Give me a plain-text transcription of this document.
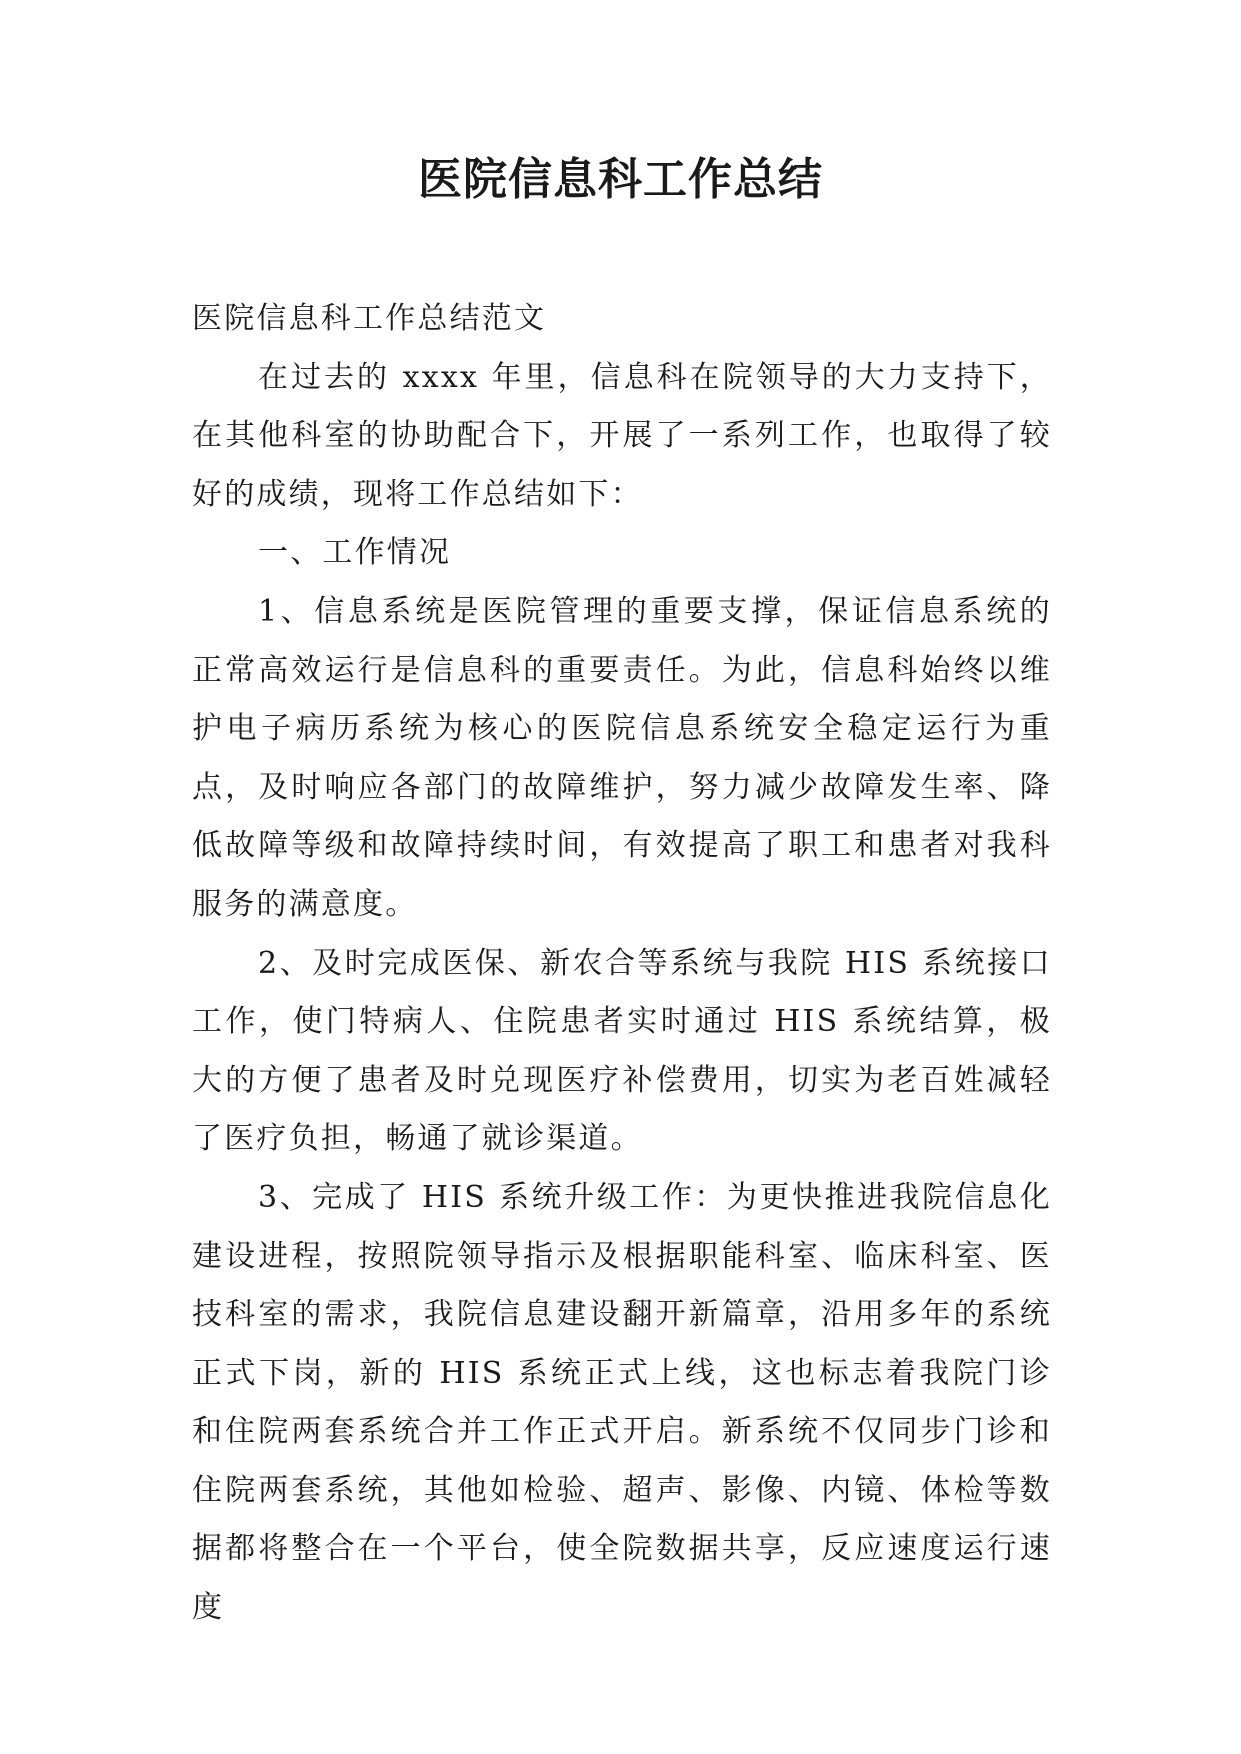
医院信息科工作总结

医院信息科工作总结范文

在过去的 xxxx 年里，信息科在院领导的大力支持下，在其他科室的协助配合下，开展了一系列工作，也取得了较好的成绩，现将工作总结如下：

一、工作情况

1、信息系统是医院管理的重要支撑，保证信息系统的正常高效运行是信息科的重要责任。为此，信息科始终以维护电子病历系统为核心的医院信息系统安全稳定运行为重点，及时响应各部门的故障维护，努力减少故障发生率、降低故障等级和故障持续时间，有效提高了职工和患者对我科服务的满意度。

2、及时完成医保、新农合等系统与我院 HIS 系统接口工作，使门特病人、住院患者实时通过 HIS 系统结算，极大的方便了患者及时兑现医疗补偿费用，切实为老百姓减轻了医疗负担，畅通了就诊渠道。

3、完成了 HIS 系统升级工作：为更快推进我院信息化建设进程，按照院领导指示及根据职能科室、临床科室、医技科室的需求，我院信息建设翻开新篇章，沿用多年的系统正式下岗，新的 HIS 系统正式上线，这也标志着我院门诊和住院两套系统合并工作正式开启。新系统不仅同步门诊和住院两套系统，其他如检验、超声、影像、内镜、体检等数据都将整合在一个平台，使全院数据共享，反应速度运行速度
